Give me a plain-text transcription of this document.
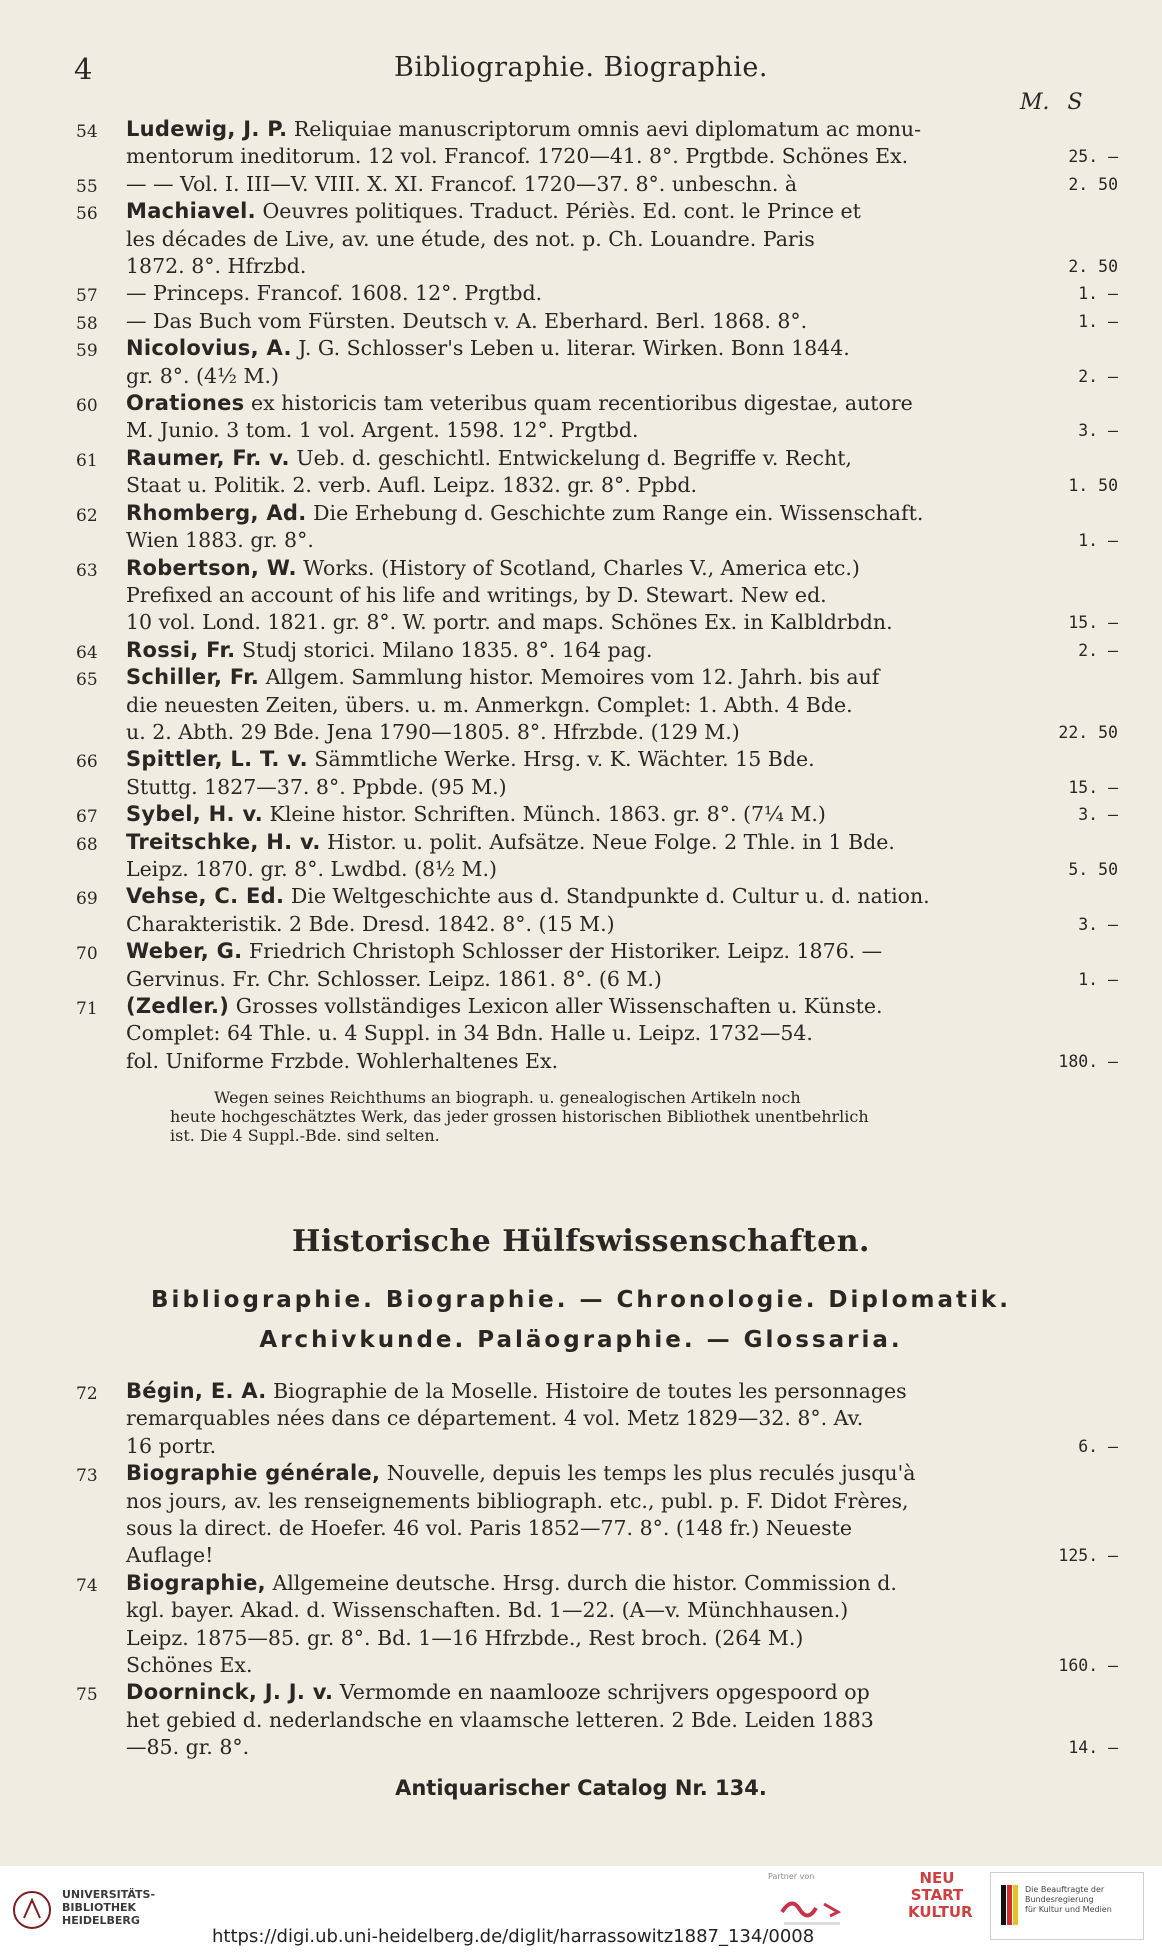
4	Bibliographie. Biographie.
M. S
54 Ludewig, J. P. Reliquiae manuscriptorum omnis aevi diplomatum ac monu-
mentorum ineditorum. 12 vol. Francof. 1720—41. 8°. Prgtbde. Schönes Ex.	25. —
55 — — Vol. I. III—V. VIII. X. XI. Francof. 1720—37. 8°. unbeschn. à	2. 50
56 Machiavel. Oeuvres politiques. Traduct. Périès. Ed. cont. le Prince et
les décades de Live, av. une étude, des not. p. Ch. Louandre. Paris
1872. 8°. Hfrzbd.	2. 50
57 — Princeps. Francof. 1608. 12°. Prgtbd.	1. —
58 — Das Buch vom Fürsten. Deutsch v. A. Eberhard. Berl. 1868. 8°.	1. —
59 Nicolovius, A. J. G. Schlosser's Leben u. literar. Wirken. Bonn 1844.
gr. 8°. (4½ M.)	2. —
60 Orationes ex historicis tam veteribus quam recentioribus digestae, autore
M. Junio. 3 tom. 1 vol. Argent. 1598. 12°. Prgtbd.	3. —
61 Raumer, Fr. v. Ueb. d. geschichtl. Entwickelung d. Begriffe v. Recht,
Staat u. Politik. 2. verb. Aufl. Leipz. 1832. gr. 8°. Ppbd.	1. 50
62 Rhomberg, Ad. Die Erhebung d. Geschichte zum Range ein. Wissenschaft.
Wien 1883. gr. 8°.	1. —
63 Robertson, W. Works. (History of Scotland, Charles V., America etc.)
Prefixed an account of his life and writings, by D. Stewart. New ed.
10 vol. Lond. 1821. gr. 8°. W. portr. and maps. Schönes Ex. in Kalbldrbdn.	15. —
64 Rossi, Fr. Studj storici. Milano 1835. 8°. 164 pag.	2. —
65 Schiller, Fr. Allgem. Sammlung histor. Memoires vom 12. Jahrh. bis auf
die neuesten Zeiten, übers. u. m. Anmerkgn. Complet: 1. Abth. 4 Bde.
u. 2. Abth. 29 Bde. Jena 1790—1805. 8°. Hfrzbde. (129 M.)	22. 50
66 Spittler, L. T. v. Sämmtliche Werke. Hrsg. v. K. Wächter. 15 Bde.
Stuttg. 1827—37. 8°. Ppbde. (95 M.)	15. —
67 Sybel, H. v. Kleine histor. Schriften. Münch. 1863. gr. 8°. (7¼ M.)	3. —
68 Treitschke, H. v. Histor. u. polit. Aufsätze. Neue Folge. 2 Thle. in 1 Bde.
Leipz. 1870. gr. 8°. Lwdbd. (8½ M.)	5. 50
69 Vehse, C. Ed. Die Weltgeschichte aus d. Standpunkte d. Cultur u. d. nation.
Charakteristik. 2 Bde. Dresd. 1842. 8°. (15 M.)	3. —
70 Weber, G. Friedrich Christoph Schlosser der Historiker. Leipz. 1876. —
Gervinus. Fr. Chr. Schlosser. Leipz. 1861. 8°. (6 M.)	1. —
71 (Zedler.) Grosses vollständiges Lexicon aller Wissenschaften u. Künste.
Complet: 64 Thle. u. 4 Suppl. in 34 Bdn. Halle u. Leipz. 1732—54.
fol. Uniforme Frzbde. Wohlerhaltenes Ex.	180. —
Wegen seines Reichthums an biograph. u. genealogischen Artikeln noch
heute hochgeschätztes Werk, das jeder grossen historischen Bibliothek unentbehrlich
ist. Die 4 Suppl.-Bde. sind selten.
Historische Hülfswissenschaften.
Bibliographie. Biographie. — Chronologie. Diplomatik.
Archivkunde. Paläographie. — Glossaria.
72 Bégin, E. A. Biographie de la Moselle. Histoire de toutes les personnages
remarquables nées dans ce département. 4 vol. Metz 1829—32. 8°. Av.
16 portr.	6. —
73 Biographie générale, Nouvelle, depuis les temps les plus reculés jusqu'à
nos jours, av. les renseignements bibliograph. etc., publ. p. F. Didot Frères,
sous la direct. de Hoefer. 46 vol. Paris 1852—77. 8°. (148 fr.) Neueste
Auflage!	125. —
74 Biographie, Allgemeine deutsche. Hrsg. durch die histor. Commission d.
kgl. bayer. Akad. d. Wissenschaften. Bd. 1—22. (A—v. Münchhausen.)
Leipz. 1875—85. gr. 8°. Bd. 1—16 Hfrzbde., Rest broch. (264 M.)
Schönes Ex.	160. —
75 Doorninck, J. J. v. Vermomde en naamlooze schrijvers opgespoord op
het gebied d. nederlandsche en vlaamsche letteren. 2 Bde. Leiden 1883
—85. gr. 8°.	14. —
Antiquarischer Catalog Nr. 134.
UNIVERSITÄTS-
BIBLIOTHEK
HEIDELBERG
Partner von	NEU
START
KULTUR
Die Beauftragte der Bundesregierung
für Kultur und Medien
https://digi.ub.uni-heidelberg.de/diglit/harrassowitz1887_134/0008
